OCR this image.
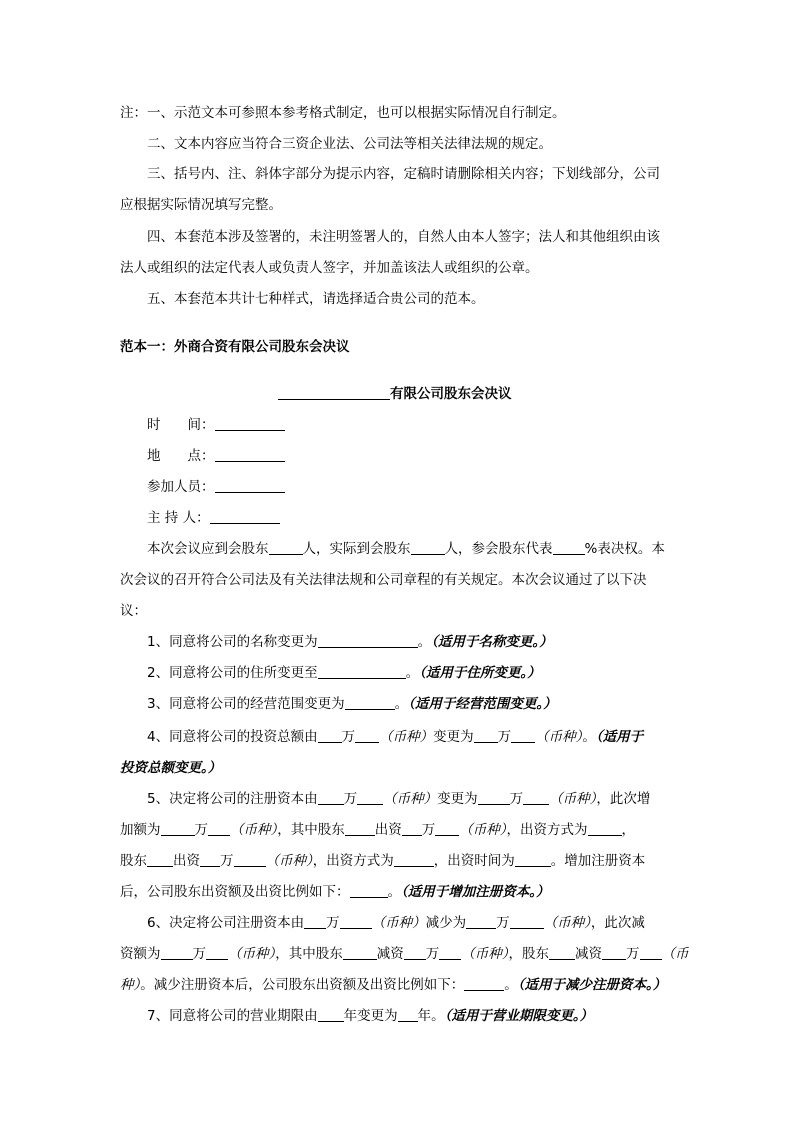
注：一、示范文本可参照本参考格式制定，也可以根据实际情况自行制定。
二、文本内容应当符合三资企业法、公司法等相关法律法规的规定。
三、括号内、注、斜体字部分为提示内容，定稿时请删除相关内容；下划线部分，公司
应根据实际情况填写完整。
四、本套范本涉及签署的，未注明签署人的，自然人由本人签字；法人和其他组织由该
法人或组织的法定代表人或负责人签字，并加盖该法人或组织的公章。
五、本套范本共计七种样式，请选择适合贵公司的范本。
范本一：外商合资有限公司股东会决议
有限公司股东会决议
时　　间：
地　　点：
参加人员：
主 持 人：
本次会议应到会股东	人，实际到会股东	人，参会股东代表 %表决权。本
次会议的召开符合公司法及有关法律法规和公司章程的有关规定。本次会议通过了以下决
议：
1、同意将公司的名称变更为	。（适用于名称变更。）
2、同意将公司的住所变更至	。（适用于住所变更。）
3、同意将公司的经营范围变更为	。（适用于经营范围变更。）
4、同意将公司的投资总额由 万 （币种）变更为 万 （币种）。（适用于
投资总额变更。）
5、决定将公司的注册资本由 万 （币种）变更为 万 （币种），此次增
加额为	万 （币种），其中股东 出资 万 （币种），出资方式为	，
股东 出资 万 （币种），出资方式为	，出资时间为	。增加注册资本
后，公司股东出资额及出资比例如下：	。（适用于增加注册资本。）
6、决定将公司注册资本由 万 （币种）减少为 万	（币种），此次减
资额为 万 （币种），其中股东	减资 万 （币种），股东 减资 万 （币
种）。减少注册资本后，公司股东出资额及出资比例如下：	。（适用于减少注册资本。）
7、同意将公司的营业期限由 年变更为 年。（适用于营业期限变更。）
